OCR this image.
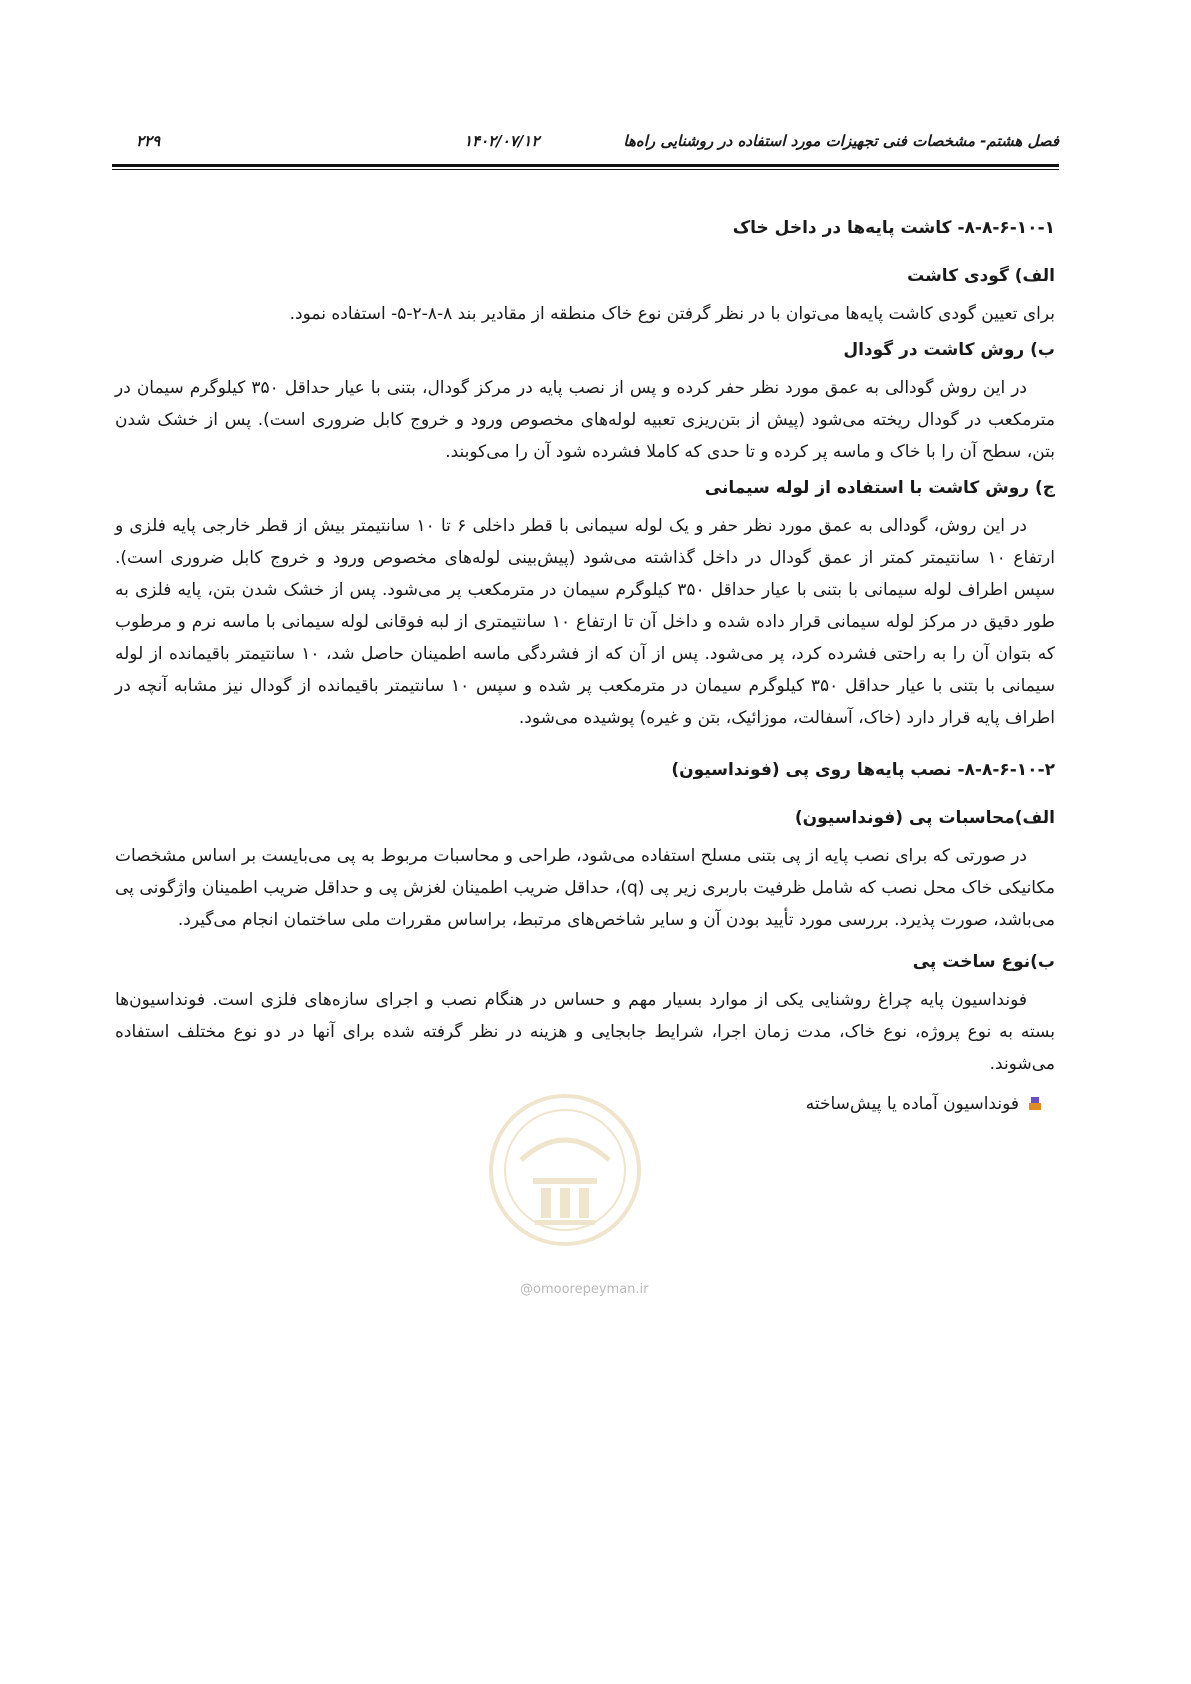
فصل هشتم- مشخصات فنی تجهیزات مورد استفاده در روشنایی راه‌ها
۱۴۰۲/۰۷/۱۲
۲۲۹
۸-۸-۶-۱۰-۱- کاشت پایه‌ها در داخل خاک
الف) گودی کاشت

برای تعیین گودی کاشت پایه‌ها می‌توان با در نظر گرفتن نوع خاک منطقه از مقادیر بند ۸-۸-۲-۵- استفاده نمود.

ب) روش کاشت در گودال

در این روش گودالی به عمق مورد نظر حفر کرده و پس از نصب پایه در مرکز گودال، بتنی با عیار حداقل ۳۵۰ کیلوگرم سیمان در مترمکعب در گودال ریخته می‌شود (پیش از بتن‌ریزی تعبیه لوله‌های مخصوص ورود و خروج کابل ضروری است). پس از خشک شدن بتن، سطح آن را با خاک و ماسه پر کرده و تا حدی که کاملا فشرده شود آن را می‌کوبند.

ج) روش کاشت با استفاده از لوله سیمانی

در این روش، گودالی به عمق مورد نظر حفر و یک لوله سیمانی با قطر داخلی ۶ تا ۱۰ سانتیمتر بیش از قطر خارجی پایه فلزی و ارتفاع ۱۰ سانتیمتر کمتر از عمق گودال در داخل گذاشته می‌شود (پیش‌بینی لوله‌های مخصوص ورود و خروج کابل ضروری است). سپس اطراف لوله سیمانی با بتنی با عیار حداقل ۳۵۰ کیلوگرم سیمان در مترمکعب پر می‌شود. پس از خشک شدن بتن، پایه فلزی به طور دقیق در مرکز لوله سیمانی قرار داده شده و داخل آن تا ارتفاع ۱۰ سانتیمتری از لبه فوقانی لوله سیمانی با ماسه نرم و مرطوب که بتوان آن را به راحتی فشرده کرد، پر می‌شود. پس از آن که از فشردگی ماسه اطمینان حاصل شد، ۱۰ سانتیمتر باقیمانده از لوله سیمانی با بتنی با عیار حداقل ۳۵۰ کیلوگرم سیمان در مترمکعب پر شده و سپس ۱۰ سانتیمتر باقیمانده از گودال نیز مشابه آنچه در اطراف پایه قرار دارد (خاک، آسفالت، موزائیک، بتن و غیره) پوشیده می‌شود.

۸-۸-۶-۱۰-۲- نصب پایه‌ها روی پی (فونداسیون)
الف)محاسبات پی (فونداسیون)

در صورتی که برای نصب پایه از پی بتنی مسلح استفاده می‌شود، طراحی و محاسبات مربوط به پی می‌بایست بر اساس مشخصات مکانیکی خاک محل نصب که شامل ظرفیت باربری زیر پی (q)، حداقل ضریب اطمینان لغزش پی و حداقل ضریب اطمینان واژگونی پی می‌باشد، صورت پذیرد. بررسی مورد تأیید بودن آن و سایر شاخص‌های مرتبط، براساس مقررات ملی ساختمان انجام می‌گیرد.

ب)نوع ساخت پی

فونداسیون پایه چراغ روشنایی یکی از موارد بسیار مهم و حساس در هنگام نصب و اجرای سازه‌های فلزی است. فونداسیون‌ها بسته به نوع پروژه، نوع خاک، مدت زمان اجرا، شرایط جابجایی و هزینه در نظر گرفته شده برای آنها در دو نوع مختلف استفاده می‌شوند.

فونداسیون آماده یا پیش‌ساخته
@omoorepeyman.ir
